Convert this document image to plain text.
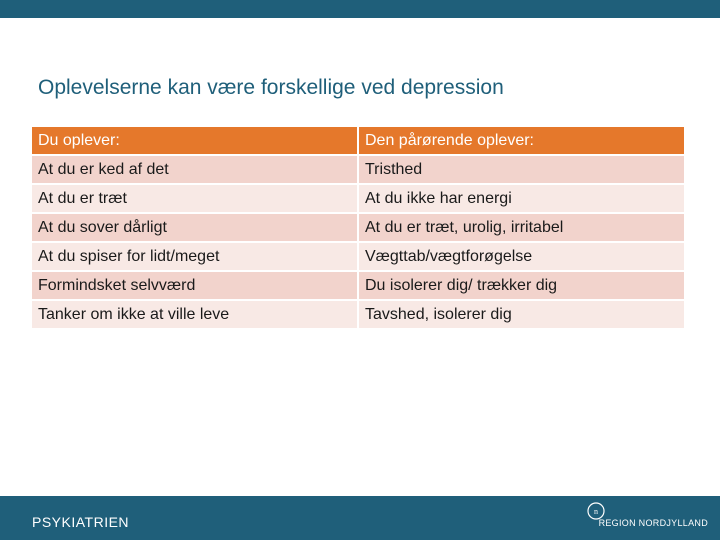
Oplevelserne kan være forskellige ved depression
Du oplever:	Den pårørende oplever:
At du er ked af det	Tristhed
At du er træt	At du ikke har energi
At du sover dårligt	At du er træt, urolig, irritabel
At du spiser for lidt/meget	Vægttab/vægtforøgelse
Formindsket selvværd	Du isolerer dig/ trækker dig
Tanker om ikke at ville leve	Tavshed, isolerer dig
PSYKIATRIEN
n
REGION NORDJYLLAND
